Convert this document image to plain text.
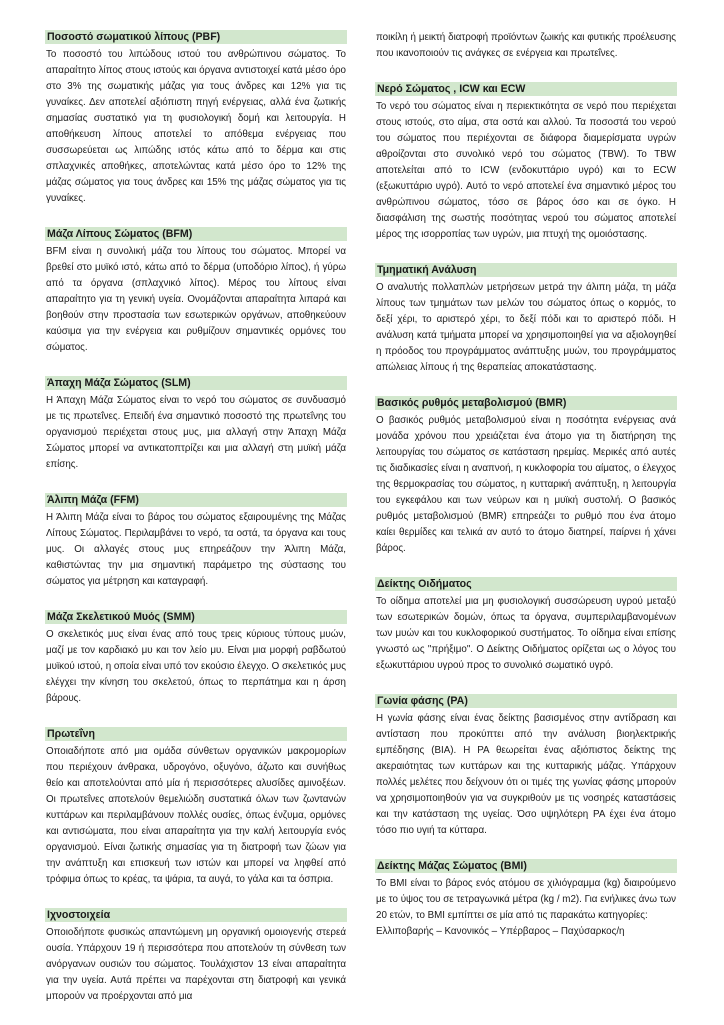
Ποσοστό σωματικού λίπους (PBF)

Το ποσοστό του λιπώδους ιστού του ανθρώπινου σώματος. Το απαραίτητο λίπος στους ιστούς και όργανα αντιστοιχεί κατά μέσο όρο στο 3% της σωματικής μάζας για τους άνδρες και 12% για τις γυναίκες. Δεν αποτελεί αξιόπιστη πηγή ενέργειας, αλλά ένα ζωτικής σημασίας συστατικό για τη φυσιολογική δομή και λειτουργία. Η αποθήκευση λίπους αποτελεί το απόθεμα ενέργειας που συσσωρεύεται ως λιπώδης ιστός κάτω από το δέρμα και στις σπλαχνικές αποθήκες, αποτελώντας κατά μέσο όρο το 12% της μάζας σώματος για τους άνδρες και 15% της μάζας σώματος για τις γυναίκες.

Μάζα Λίπους Σώματος (BFM)

BFM είναι η συνολική μάζα του λίπους του σώματος. Μπορεί να βρεθεί στο μυϊκό ιστό, κάτω από το δέρμα (υποδόριο λίπος), ή γύρω από τα όργανα (σπλαχνικό λίπος). Μέρος του λίπους είναι απαραίτητο για τη γενική υγεία. Ονομάζονται απαραίτητα λιπαρά και βοηθούν στην προστασία των εσωτερικών οργάνων, αποθηκεύουν καύσιμα για την ενέργεια και ρυθμίζουν σημαντικές ορμόνες του σώματος.

Άπαχη Μάζα Σώματος (SLM)

Η Άπαχη Μάζα Σώματος είναι το νερό του σώματος σε συνδυασμό με τις πρωτεΐνες. Επειδή ένα σημαντικό ποσοστό της πρωτεΐνης του οργανισμού περιέχεται στους μυς, μια αλλαγή στην Άπαχη Μάζα Σώματος μπορεί να αντικατοπτρίζει και μια αλλαγή στη μυϊκή μάζα επίσης.

Άλιπη Μάζα (FFM)

Η Άλιπη Μάζα είναι το βάρος του σώματος εξαιρουμένης της Μάζας Λίπους Σώματος. Περιλαμβάνει το νερό, τα οστά, τα όργανα και τους μυς. Οι αλλαγές στους μυς επηρεάζουν την Άλιπη Μάζα, καθιστώντας την μια σημαντική παράμετρο της σύστασης του σώματος για μέτρηση και καταγραφή.

Μάζα Σκελετικού Μυός (SMM)

Ο σκελετικός μυς είναι ένας από τους τρεις κύριους τύπους μυών, μαζί με τον καρδιακό μυ και τον λείο μυ. Είναι μια μορφή ραβδωτού μυϊκού ιστού, η οποία είναι υπό τον εκούσιο έλεγχο. Ο σκελετικός μυς ελέγχει την κίνηση του σκελετού, όπως το περπάτημα και η άρση βάρους.

Πρωτεΐνη

Οποιαδήποτε από μια ομάδα σύνθετων οργανικών μακρομορίων που περιέχουν άνθρακα, υδρογόνο, οξυγόνο, άζωτο και συνήθως θείο και αποτελούνται από μία ή περισσότερες αλυσίδες αμινοξέων. Οι πρωτεΐνες αποτελούν θεμελιώδη συστατικά όλων των ζωντανών κυττάρων και περιλαμβάνουν πολλές ουσίες, όπως ένζυμα, ορμόνες και αντισώματα, που είναι απαραίτητα για την καλή λειτουργία ενός οργανισμού. Είναι ζωτικής σημασίας για τη διατροφή των ζώων για την ανάπτυξη και επισκευή των ιστών και μπορεί να ληφθεί από τρόφιμα όπως το κρέας, τα ψάρια, τα αυγά, το γάλα και τα όσπρια.

Ιχνοστοιχεία

Οποιοδήποτε φυσικώς απαντώμενη μη οργανική ομοιογενής στερεά ουσία. Υπάρχουν 19 ή περισσότερα που αποτελούν τη σύνθεση των ανόργανων ουσιών του σώματος. Τουλάχιστον 13 είναι απαραίτητα για την υγεία. Αυτά πρέπει να παρέχονται στη διατροφή και γενικά μπορούν να προέρχονται από μια

ποικίλη ή μεικτή διατροφή προϊόντων ζωικής και φυτικής προέλευσης που ικανοποιούν τις ανάγκες σε ενέργεια και πρωτεΐνες.

Νερό Σώματος , ICW και ECW

Το νερό του σώματος είναι η περιεκτικότητα σε νερό που περιέχεται στους ιστούς, στο αίμα, στα οστά και αλλού. Τα ποσοστά του νερού του σώματος που περιέχονται σε διάφορα διαμερίσματα υγρών αθροίζονται στο συνολικό νερό του σώματος (TBW). Το TBW αποτελείται από το ICW (ενδοκυττάριο υγρό) και το ECW (εξωκυττάριο υγρό). Αυτό το νερό αποτελεί ένα σημαντικό μέρος του ανθρώπινου σώματος, τόσο σε βάρος όσο και σε όγκο. Η διασφάλιση της σωστής ποσότητας νερού του σώματος αποτελεί μέρος της ισορροπίας των υγρών, μια πτυχή της ομοιόστασης.

Τμηματική Ανάλυση

Ο αναλυτής πολλαπλών μετρήσεων μετρά την άλιπη μάζα, τη μάζα λίπους των τμημάτων των μελών του σώματος όπως ο κορμός, το δεξί χέρι, το αριστερό χέρι, το δεξί πόδι και το αριστερό πόδι. Η ανάλυση κατά τμήματα μπορεί να χρησιμοποιηθεί για να αξιολογηθεί η πρόοδος του προγράμματος ανάπτυξης μυών, του προγράμματος απώλειας λίπους ή της θεραπείας αποκατάστασης.

Βασικός ρυθμός μεταβολισμού (BMR)

Ο βασικός ρυθμός μεταβολισμού είναι η ποσότητα ενέργειας ανά μονάδα χρόνου που χρειάζεται ένα άτομο για τη διατήρηση της λειτουργίας του σώματος σε κατάσταση ηρεμίας. Μερικές από αυτές τις διαδικασίες είναι η αναπνοή, η κυκλοφορία του αίματος, ο έλεγχος της θερμοκρασίας του σώματος, η κυτταρική ανάπτυξη, η λειτουργία του εγκεφάλου και των νεύρων και η μυϊκή συστολή. Ο βασικός ρυθμός μεταβολισμού (BMR) επηρεάζει το ρυθμό που ένα άτομο καίει θερμίδες και τελικά αν αυτό το άτομο διατηρεί, παίρνει ή χάνει βάρος.

Δείκτης Οιδήματος

Το οίδημα αποτελεί μια μη φυσιολογική συσσώρευση υγρού μεταξύ των εσωτερικών δομών, όπως τα όργανα, συμπεριλαμβανομένων των μυών και του κυκλοφορικού συστήματος. Το οίδημα είναι επίσης γνωστό ως "πρήξιμο". Ο Δείκτης Οιδήματος ορίζεται ως ο λόγος του εξωκυττάριου υγρού προς το συνολικό σωματικό υγρό.

Γωνία φάσης (PA)

Η γωνία φάσης είναι ένας δείκτης βασισμένος στην αντίδραση και αντίσταση που προκύπτει από την ανάλυση βιοηλεκτρικής εμπέδησης (BIA). Η PA θεωρείται ένας αξιόπιστος δείκτης της ακεραιότητας των κυττάρων και της κυτταρικής μάζας. Υπάρχουν πολλές μελέτες που δείχνουν ότι οι τιμές της γωνίας φάσης μπορούν να χρησιμοποιηθούν για να συγκριθούν με τις νοσηρές καταστάσεις και την κατάσταση της υγείας. Όσο υψηλότερη PA έχει ένα άτομο τόσο πιο υγιή τα κύτταρα.

Δείκτης Μάζας Σώματος (BMI)

Το BMI είναι το βάρος ενός ατόμου σε χιλιόγραμμα (kg) διαιρούμενο με το ύψος του σε τετραγωνικά μέτρα (kg / m2). Για ενήλικες άνω των 20 ετών, το BMI εμπίπτει σε μία από τις παρακάτω κατηγορίες:

Ελλιποβαρής – Κανονικός – Υπέρβαρος – Παχύσαρκος/η
